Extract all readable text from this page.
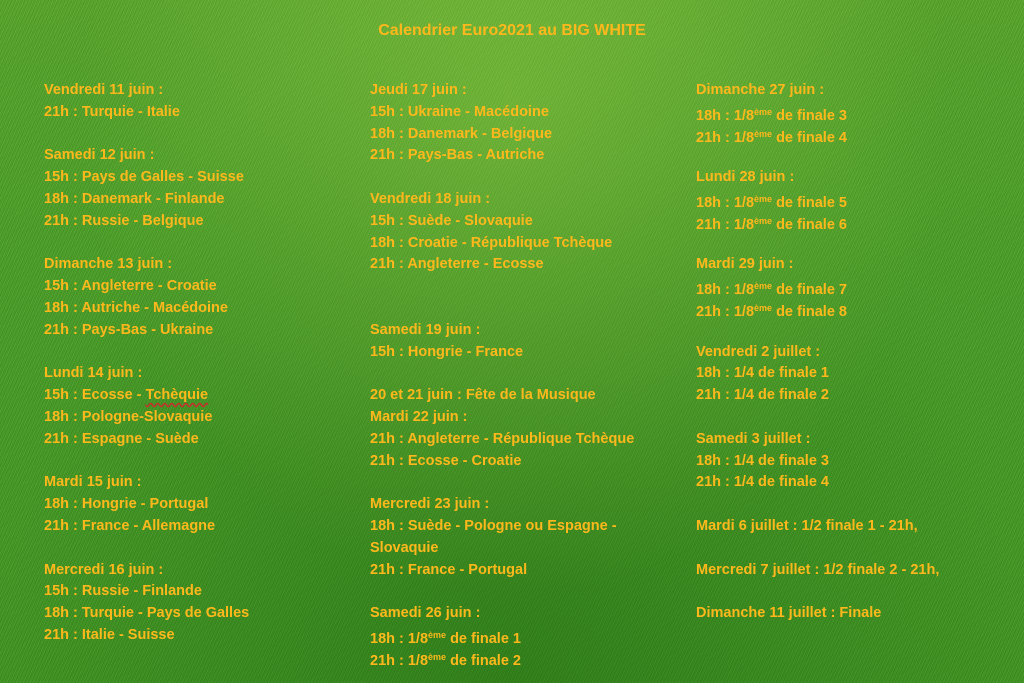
Calendrier Euro2021 au BIG WHITE
Vendredi 11 juin :
21h : Turquie - Italie
Samedi 12 juin :
15h : Pays de Galles - Suisse
18h : Danemark - Finlande
21h : Russie - Belgique
Dimanche 13 juin :
15h : Angleterre - Croatie
18h : Autriche - Macédoine
21h : Pays-Bas - Ukraine
Lundi 14 juin :
15h : Ecosse - Tchèquie
18h : Pologne-Slovaquie
21h : Espagne - Suède
Mardi 15 juin :
18h : Hongrie - Portugal
21h : France - Allemagne
Mercredi 16 juin :
15h : Russie - Finlande
18h : Turquie - Pays de Galles
21h : Italie - Suisse
Jeudi 17 juin :
15h : Ukraine - Macédoine
18h : Danemark - Belgique
21h : Pays-Bas - Autriche
Vendredi 18 juin :
15h : Suède - Slovaquie
18h : Croatie - République Tchèque
21h : Angleterre - Ecosse
Samedi 19 juin :
15h : Hongrie - France
20 et 21 juin : Fête de la Musique
Mardi 22 juin :
21h : Angleterre - République Tchèque
21h : Ecosse - Croatie
Mercredi 23 juin :
18h : Suède - Pologne ou Espagne -
Slovaquie
21h : France - Portugal
Samedi 26 juin :
18h : 1/8ème de finale 1
21h : 1/8ème de finale 2
Dimanche 27 juin :
18h : 1/8ème de finale 3
21h : 1/8ème de finale 4
Lundi 28 juin :
18h : 1/8ème de finale 5
21h : 1/8ème de finale 6
Mardi 29 juin :
18h : 1/8ème de finale 7
21h : 1/8ème de finale 8
Vendredi 2 juillet :
18h : 1/4 de finale 1
21h : 1/4 de finale 2
Samedi 3 juillet :
18h : 1/4 de finale 3
21h : 1/4 de finale 4
Mardi 6 juillet : 1/2 finale 1 - 21h,
Mercredi 7 juillet : 1/2 finale 2 - 21h,
Dimanche 11 juillet : Finale
